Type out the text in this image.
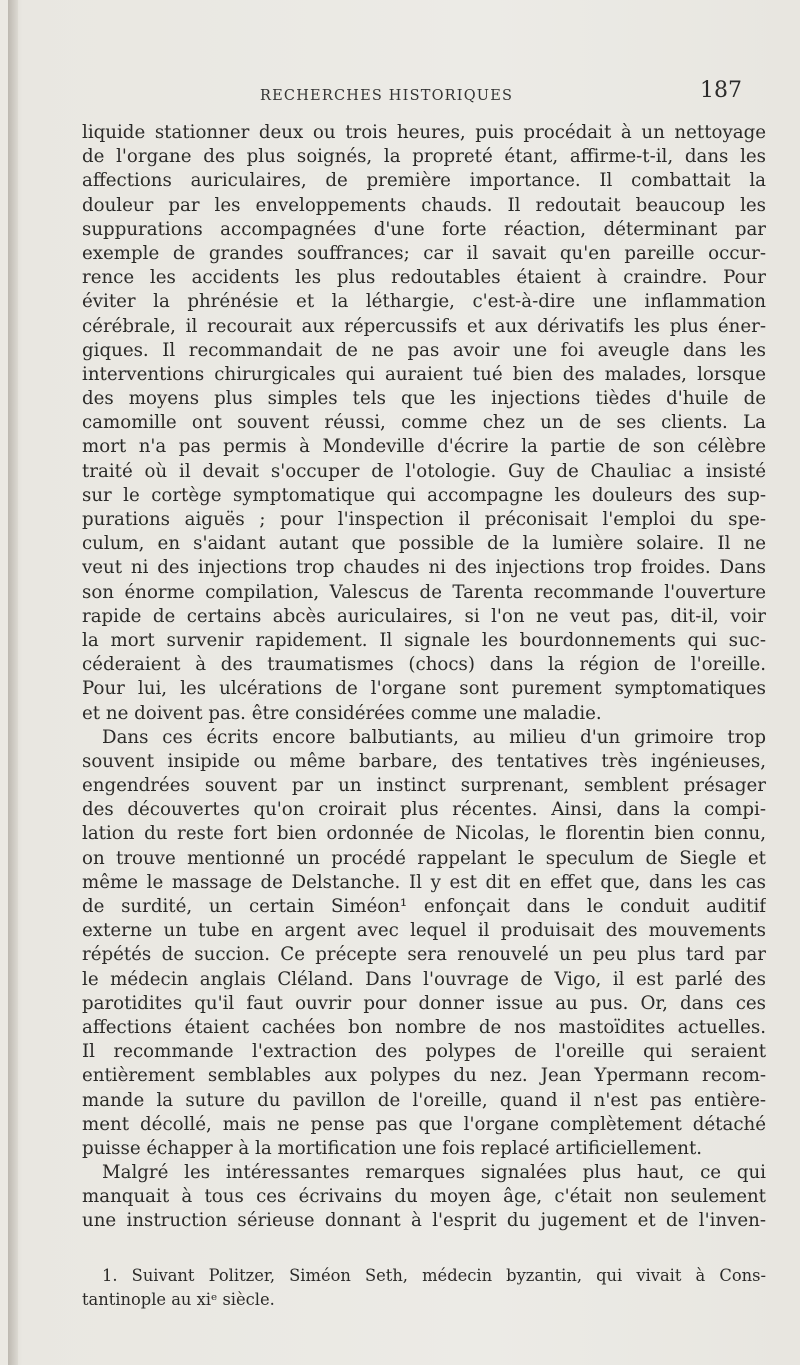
RECHERCHES HISTORIQUES	187
liquide stationner deux ou trois heures, puis procédait à un nettoyage
de l'organe des plus soignés, la propreté étant, affirme-t-il, dans les
affections auriculaires, de première importance. Il combattait la
douleur par les enveloppements chauds. Il redoutait beaucoup les
suppurations accompagnées d'une forte réaction, déterminant par
exemple de grandes souffrances; car il savait qu'en pareille occur-
rence les accidents les plus redoutables étaient à craindre. Pour
éviter la phrénésie et la léthargie, c'est-à-dire une inflammation
cérébrale, il recourait aux répercussifs et aux dérivatifs les plus éner-
giques. Il recommandait de ne pas avoir une foi aveugle dans les
interventions chirurgicales qui auraient tué bien des malades, lorsque
des moyens plus simples tels que les injections tièdes d'huile de
camomille ont souvent réussi, comme chez un de ses clients. La
mort n'a pas permis à Mondeville d'écrire la partie de son célèbre
traité où il devait s'occuper de l'otologie. Guy de Chauliac a insisté
sur le cortège symptomatique qui accompagne les douleurs des sup-
purations aiguës ; pour l'inspection il préconisait l'emploi du spe-
culum, en s'aidant autant que possible de la lumière solaire. Il ne
veut ni des injections trop chaudes ni des injections trop froides. Dans
son énorme compilation, Valescus de Tarenta recommande l'ouverture
rapide de certains abcès auriculaires, si l'on ne veut pas, dit-il, voir
la mort survenir rapidement. Il signale les bourdonnements qui suc-
céderaient à des traumatismes (chocs) dans la région de l'oreille.
Pour lui, les ulcérations de l'organe sont purement symptomatiques
et ne doivent pas. être considérées comme une maladie.
Dans ces écrits encore balbutiants, au milieu d'un grimoire trop
souvent insipide ou même barbare, des tentatives très ingénieuses,
engendrées souvent par un instinct surprenant, semblent présager
des découvertes qu'on croirait plus récentes. Ainsi, dans la compi-
lation du reste fort bien ordonnée de Nicolas, le florentin bien connu,
on trouve mentionné un procédé rappelant le speculum de Siegle et
même le massage de Delstanche. Il y est dit en effet que, dans les cas
de surdité, un certain Siméon¹ enfonçait dans le conduit auditif
externe un tube en argent avec lequel il produisait des mouvements
répétés de succion. Ce précepte sera renouvelé un peu plus tard par
le médecin anglais Cléland. Dans l'ouvrage de Vigo, il est parlé des
parotidites qu'il faut ouvrir pour donner issue au pus. Or, dans ces
affections étaient cachées bon nombre de nos mastoïdites actuelles.
Il recommande l'extraction des polypes de l'oreille qui seraient
entièrement semblables aux polypes du nez. Jean Ypermann recom-
mande la suture du pavillon de l'oreille, quand il n'est pas entière-
ment décollé, mais ne pense pas que l'organe complètement détaché
puisse échapper à la mortification une fois replacé artificiellement.
Malgré les intéressantes remarques signalées plus haut, ce qui
manquait à tous ces écrivains du moyen âge, c'était non seulement
une instruction sérieuse donnant à l'esprit du jugement et de l'inven-
1. Suivant Politzer, Siméon Seth, médecin byzantin, qui vivait à Cons-
tantinople au xiᵉ siècle.
